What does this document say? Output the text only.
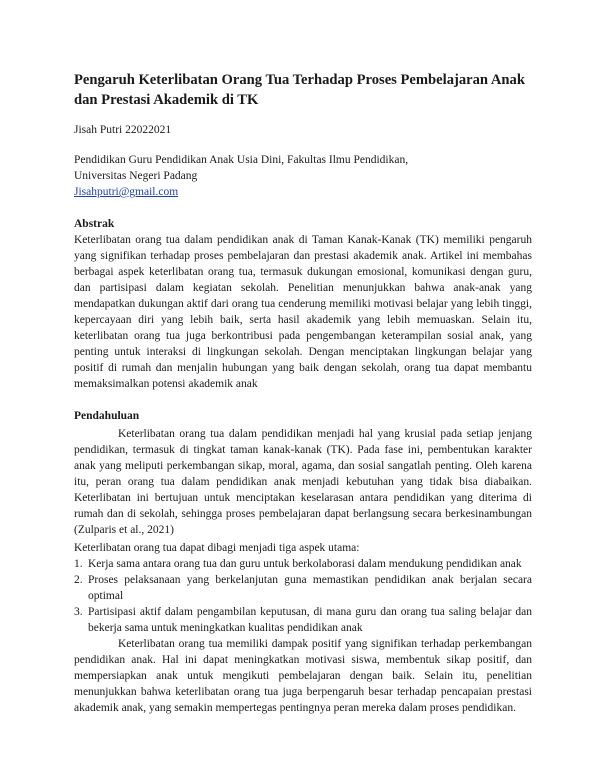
Pengaruh Keterlibatan Orang Tua Terhadap Proses Pembelajaran Anak dan Prestasi Akademik di TK

Jisah Putri 22022021

Pendidikan Guru Pendidikan Anak Usia Dini, Fakultas Ilmu Pendidikan,
Universitas Negeri Padang
Jisahputri@gmail.com

Abstrak

Keterlibatan orang tua dalam pendidikan anak di Taman Kanak-Kanak (TK) memiliki pengaruh yang signifikan terhadap proses pembelajaran dan prestasi akademik anak. Artikel ini membahas berbagai aspek keterlibatan orang tua, termasuk dukungan emosional, komunikasi dengan guru, dan partisipasi dalam kegiatan sekolah. Penelitian menunjukkan bahwa anak-anak yang mendapatkan dukungan aktif dari orang tua cenderung memiliki motivasi belajar yang lebih tinggi, kepercayaan diri yang lebih baik, serta hasil akademik yang lebih memuaskan. Selain itu, keterlibatan orang tua juga berkontribusi pada pengembangan keterampilan sosial anak, yang penting untuk interaksi di lingkungan sekolah. Dengan menciptakan lingkungan belajar yang positif di rumah dan menjalin hubungan yang baik dengan sekolah, orang tua dapat membantu memaksimalkan potensi akademik anak

Pendahuluan

Keterlibatan orang tua dalam pendidikan menjadi hal yang krusial pada setiap jenjang pendidikan, termasuk di tingkat taman kanak-kanak (TK). Pada fase ini, pembentukan karakter anak yang meliputi perkembangan sikap, moral, agama, dan sosial sangatlah penting. Oleh karena itu, peran orang tua dalam pendidikan anak menjadi kebutuhan yang tidak bisa diabaikan. Keterlibatan ini bertujuan untuk menciptakan keselarasan antara pendidikan yang diterima di rumah dan di sekolah, sehingga proses pembelajaran dapat berlangsung secara berkesinambungan (Zulparis et al., 2021)

Keterlibatan orang tua dapat dibagi menjadi tiga aspek utama:

1. Kerja sama antara orang tua dan guru untuk berkolaborasi dalam mendukung pendidikan anak
2. Proses pelaksanaan yang berkelanjutan guna memastikan pendidikan anak berjalan secara optimal
3. Partisipasi aktif dalam pengambilan keputusan, di mana guru dan orang tua saling belajar dan bekerja sama untuk meningkatkan kualitas pendidikan anak

Keterlibatan orang tua memiliki dampak positif yang signifikan terhadap perkembangan pendidikan anak. Hal ini dapat meningkatkan motivasi siswa, membentuk sikap positif, dan mempersiapkan anak untuk mengikuti pembelajaran dengan baik. Selain itu, penelitian menunjukkan bahwa keterlibatan orang tua juga berpengaruh besar terhadap pencapaian prestasi akademik anak, yang semakin mempertegas pentingnya peran mereka dalam proses pendidikan.
